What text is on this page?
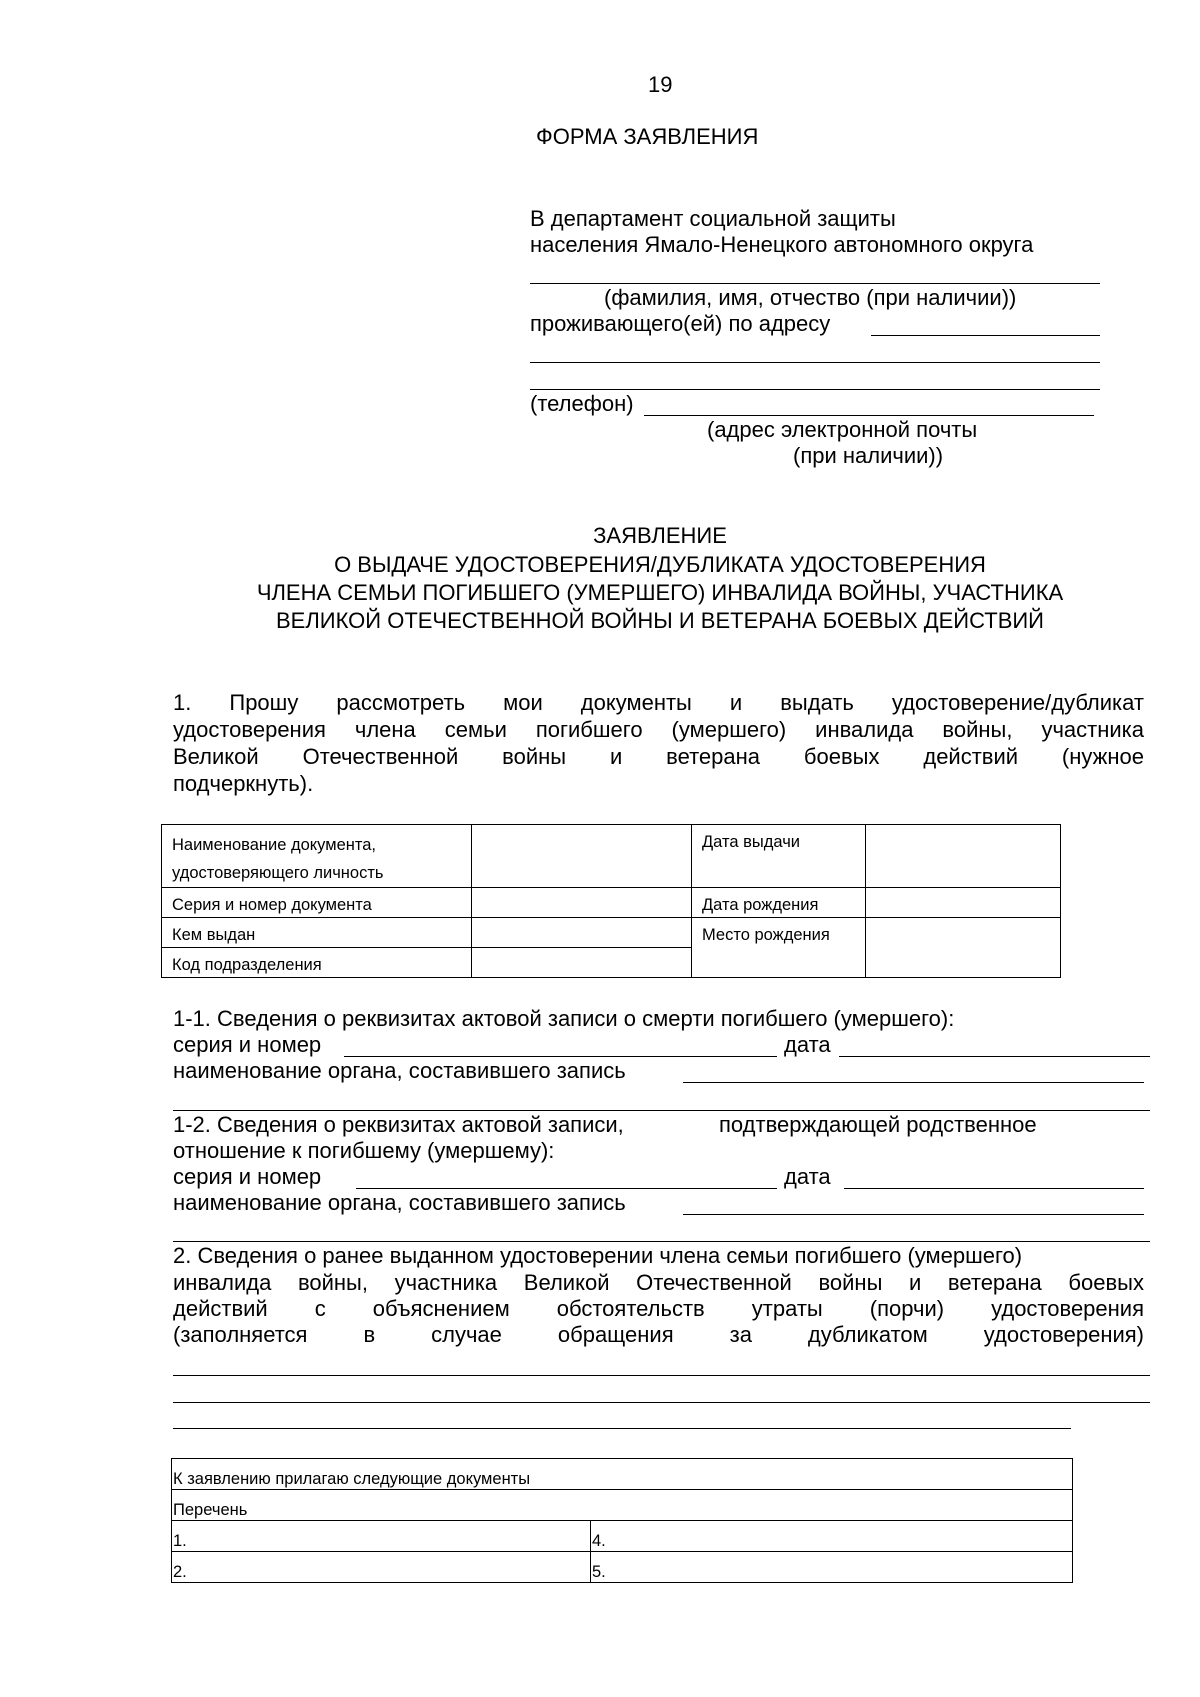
19
ФОРМА ЗАЯВЛЕНИЯ
В департамент социальной защиты
населения Ямало-Ненецкого автономного округа
(фамилия, имя, отчество (при наличии))
проживающего(ей) по адресу
(телефон)
(адрес электронной почты
(при наличии))
ЗАЯВЛЕНИЕ
О ВЫДАЧЕ УДОСТОВЕРЕНИЯ/ДУБЛИКАТА УДОСТОВЕРЕНИЯ
ЧЛЕНА СЕМЬИ ПОГИБШЕГО (УМЕРШЕГО) ИНВАЛИДА ВОЙНЫ, УЧАСТНИКА
ВЕЛИКОЙ ОТЕЧЕСТВЕННОЙ ВОЙНЫ И ВЕТЕРАНА БОЕВЫХ ДЕЙСТВИЙ
1. Прошу рассмотреть мои документы и выдать удостоверение/дубликат
удостоверения члена семьи погибшего (умершего) инвалида войны, участника
Великой Отечественной войны и ветерана боевых действий (нужное
подчеркнуть).
Наименование документа,
удостоверяющего личность		Дата выдачи	

Серия и номер документа		Дата рождения	

Кем выдан		Место рождения	

Код подразделения			

1-1. Сведения о реквизитах актовой записи о смерти погибшего (умершего):
серия и номер	дата
наименование органа, составившего запись
1-2. Сведения о реквизитах актовой записи,	подтверждающей родственное
отношение к погибшему (умершему):
серия и номер	дата
наименование органа, составившего запись
2. Сведения о ранее выданном удостоверении члена семьи погибшего (умершего)
инвалида войны, участника Великой Отечественной войны и ветерана боевых
действий с объяснением обстоятельств утраты (порчи) удостоверения
(заполняется в случае обращения за дубликатом удостоверения)
К заявлению прилагаю следующие документы	

Перечень	

1.	4.

2.	5.
